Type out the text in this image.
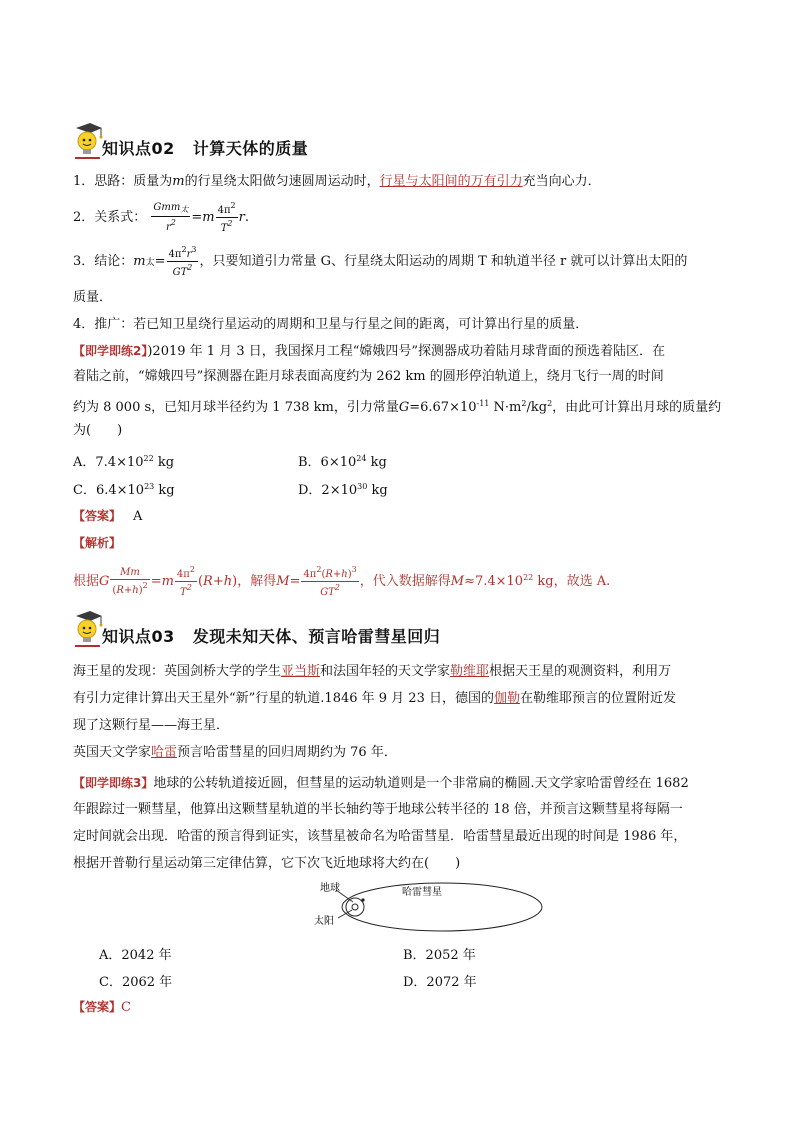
知识点02 计算天体的质量
1．思路：质量为m的行星绕太阳做匀速圆周运动时，行星与太阳间的万有引力充当向心力．
2．关系式： $\frac{Gmm_太}{r^2} =m \frac{4\pi^2}{T^2} r$.
3．结论：m太= $\frac{4\pi^2r^3}{GT^2}$ ，只要知道引力常量 G、行星绕太阳运动的周期 T 和轨道半径 r 就可以计算出太阳的
质量．
4．推广：若已知卫星绕行星运动的周期和卫星与行星之间的距离，可计算出行星的质量．
【即学即练2】)2019 年 1 月 3 日，我国探月工程“嫦娥四号”探测器成功着陆月球背面的预选着陆区．在
着陆之前，“嫦娥四号”探测器在距月球表面高度约为 262 km 的圆形停泊轨道上，绕月飞行一周的时间
约为 8 000 s，已知月球半径约为 1 738 km，引力常量$G=6.67\times 10^{-11}$ $N\cdot m^2/kg^2$，由此可计算出月球的质量约
为(　　)
A．$7.4\times 10^{22}$ kg	B．$6\times 10^{24}$ kg
C．$6.4\times 10^{23}$ kg	D．$2\times 10^{30}$ kg
【答案】 A
【解析】
根据G $\frac{Mm}{(R+h)^2} =m \frac{4\pi^2}{T^2} (R+h)$，解得$M= \frac{4\pi^2(R+h)^3}{GT^2}$ ，代入数据解得$M\approx 7.4\times 10^{22}$ kg，故选 A.
知识点03 发现未知天体、预言哈雷彗星回归
海王星的发现：英国剑桥大学的学生亚当斯和法国年轻的天文学家勒维耶根据天王星的观测资料，利用万
有引力定律计算出天王星外“新”行星的轨道.1846 年 9 月 23 日，德国的伽勒在勒维耶预言的位置附近发
现了这颗行星——海王星．
英国天文学家哈雷预言哈雷彗星的回归周期约为 76 年．
【即学即练3】地球的公转轨道接近圆，但彗星的运动轨道则是一个非常扁的椭圆.天文学家哈雷曾经在 1682
年跟踪过一颗彗星，他算出这颗彗星轨道的半长轴约等于地球公转半径的 18 倍，并预言这颗彗星将每隔一
定时间就会出现．哈雷的预言得到证实，该彗星被命名为哈雷彗星．哈雷彗星最近出现的时间是 1986 年，
根据开普勒行星运动第三定律估算，它下次飞近地球将大约在(　　)
地球
太阳
哈雷彗星
A．2042 年	B．2052 年
C．2062 年	D．2072 年
【答案】C
